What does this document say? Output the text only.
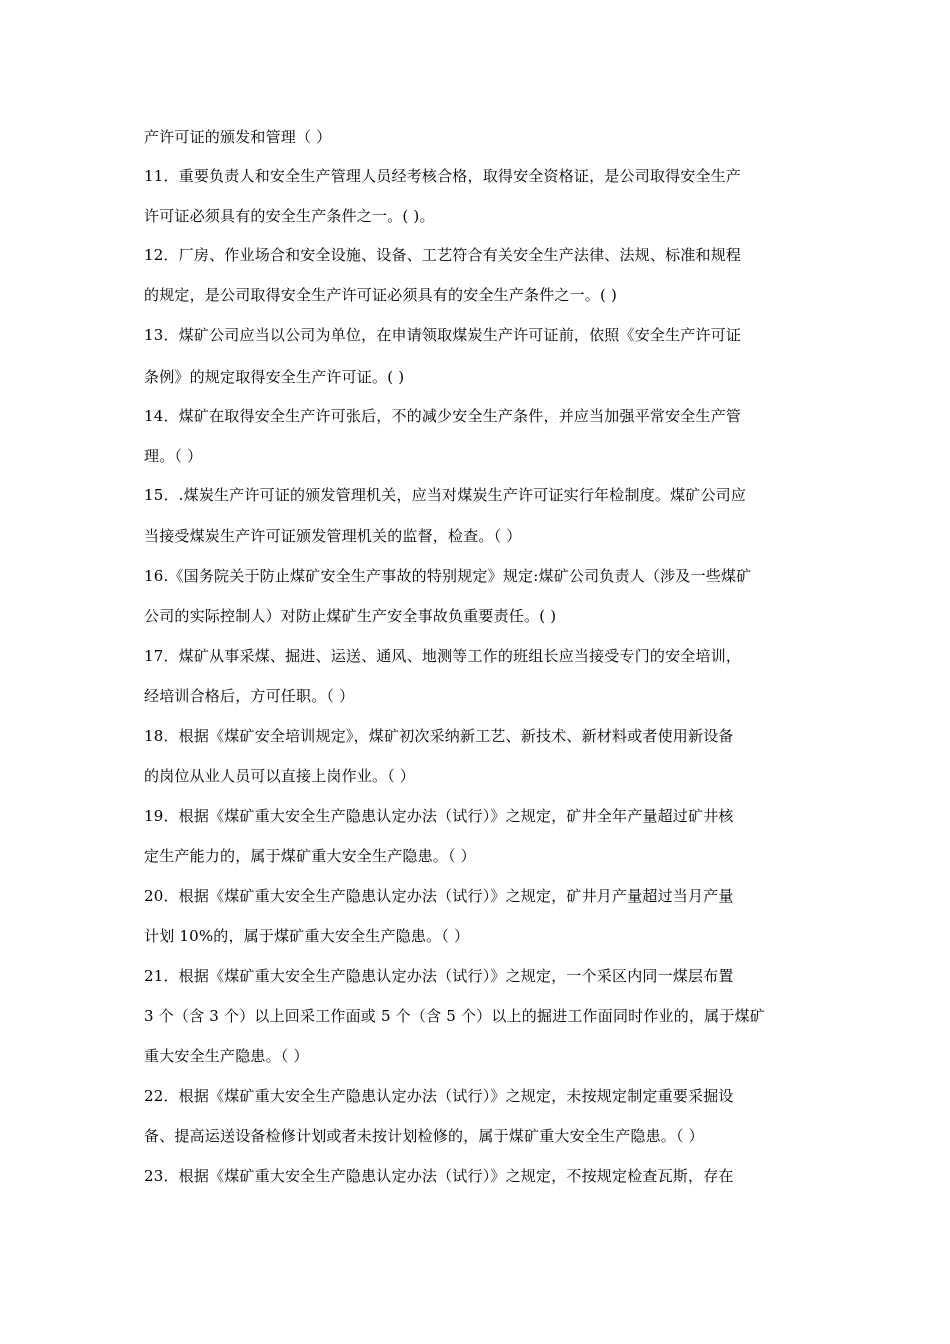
产许可证的颁发和管理（ ）
11．重要负责人和安全生产管理人员经考核合格，取得安全资格证，是公司取得安全生产
许可证必须具有的安全生产条件之一。( )。
12．厂房、作业场合和安全设施、设备、工艺符合有关安全生产法律、法规、标准和规程
的规定，是公司取得安全生产许可证必须具有的安全生产条件之一。( )
13．煤矿公司应当以公司为单位，在申请领取煤炭生产许可证前，依照《安全生产许可证
条例》的规定取得安全生产许可证。( )
14．煤矿在取得安全生产许可张后，不的减少安全生产条件，并应当加强平常安全生产管
理。（ ）
15．.煤炭生产许可证的颁发管理机关，应当对煤炭生产许可证实行年检制度。煤矿公司应
当接受煤炭生产许可证颁发管理机关的监督，检查。（ ）
16.《国务院关于防止煤矿安全生产事故的特别规定》规定:煤矿公司负责人（涉及一些煤矿
公司的实际控制人）对防止煤矿生产安全事故负重要责任。( )
17．煤矿从事采煤、掘进、运送、通风、地测等工作的班组长应当接受专门的安全培训，
经培训合格后，方可任职。（ ）
18．根据《煤矿安全培训规定》，煤矿初次采纳新工艺、新技术、新材料或者使用新设备
的岗位从业人员可以直接上岗作业。（ ）
19．根据《煤矿重大安全生产隐患认定办法（试行）》之规定，矿井全年产量超过矿井核
定生产能力的，属于煤矿重大安全生产隐患。（ ）
20．根据《煤矿重大安全生产隐患认定办法（试行）》之规定，矿井月产量超过当月产量
计划 10%的，属于煤矿重大安全生产隐患。（ ）
21．根据《煤矿重大安全生产隐患认定办法（试行）》之规定，一个采区内同一煤层布置
3 个（含 3 个）以上回采工作面或 5 个（含 5 个）以上的掘进工作面同时作业的，属于煤矿
重大安全生产隐患。（ ）
22．根据《煤矿重大安全生产隐患认定办法（试行）》之规定，未按规定制定重要采掘设
备、提高运送设备检修计划或者未按计划检修的，属于煤矿重大安全生产隐患。（ ）
23．根据《煤矿重大安全生产隐患认定办法（试行）》之规定，不按规定检查瓦斯，存在
